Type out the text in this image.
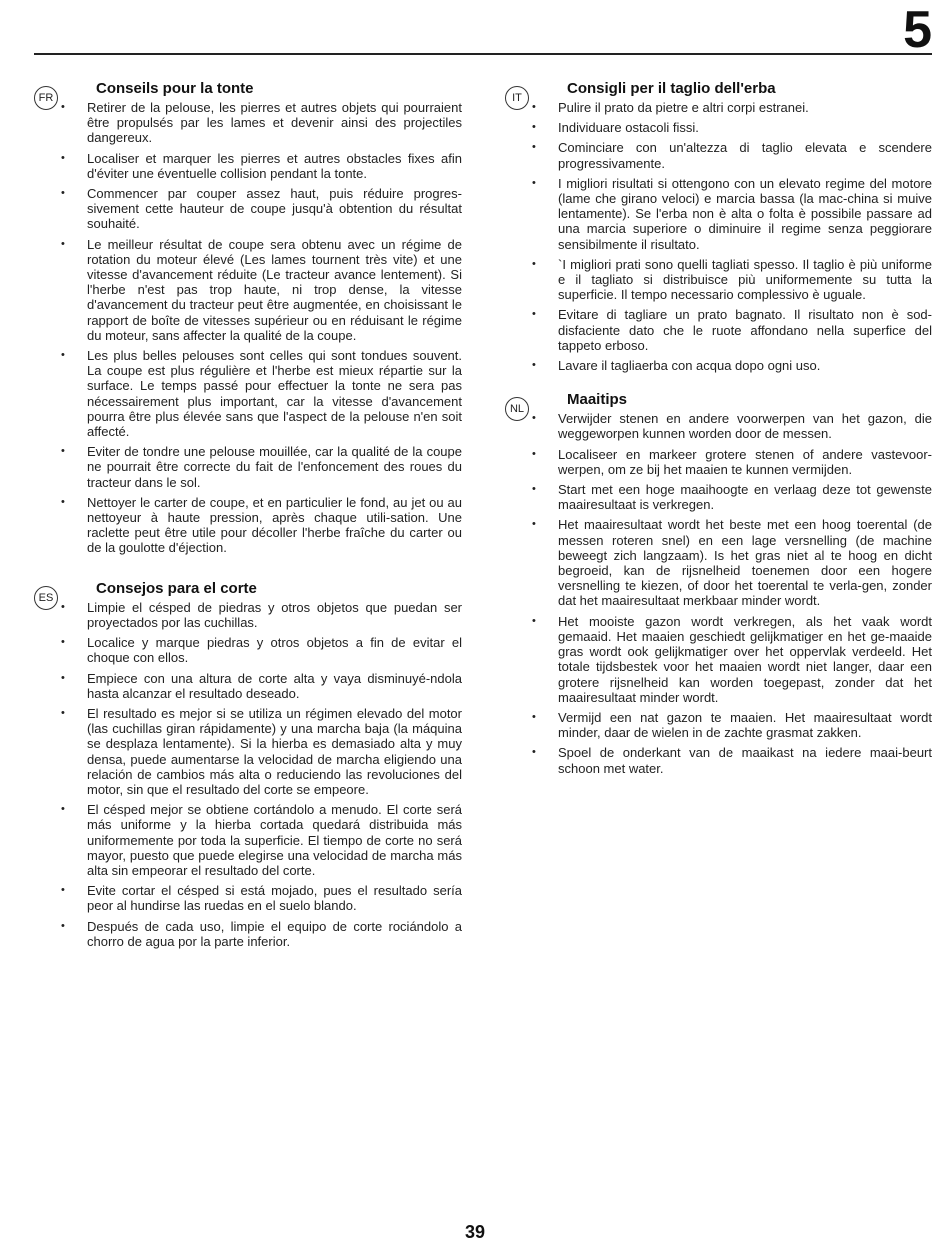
5
FR
Conseils pour la tonte
• Retirer de la pelouse, les pierres et autres objets qui pourraient être propulsés par les lames et devenir ainsi des projectiles dangereux.
• Localiser et marquer les pierres et autres obstacles fixes afin d'éviter une éventuelle collision pendant la tonte.
• Commencer par couper assez haut, puis réduire progres-sivement cette hauteur de coupe jusqu'à obtention du résultat souhaité.
• Le meilleur résultat de coupe sera obtenu avec un régime de rotation du moteur élevé (Les lames tournent très vite) et une vitesse d'avancement réduite (Le tracteur avance lentement). Si l'herbe n'est pas trop haute, ni trop dense, la vitesse d'avancement du tracteur peut être augmentée, en choisissant le rapport de boîte de vitesses supérieur ou en réduisant le régime du moteur, sans affecter la qualité de la coupe.
• Les plus belles pelouses sont celles qui sont tondues souvent. La coupe est plus régulière et l'herbe est mieux répartie sur la surface. Le temps passé pour effectuer la tonte ne sera pas nécessairement plus important, car la vitesse d'avancement pourra être plus élevée sans que l'aspect de la pelouse n'en soit affecté.
• Eviter de tondre une pelouse mouillée, car la qualité de la coupe ne pourrait être correcte du fait de l'enfoncement des roues du tracteur dans le sol.
• Nettoyer le carter de coupe, et en particulier le fond, au jet ou au nettoyeur à haute pression, après chaque utili-sation. Une raclette peut être utile pour décoller l'herbe fraîche du carter ou de la goulotte d'éjection.
ES
Consejos para el corte
• Limpie el césped de piedras y otros objetos que puedan ser proyectados por las cuchillas.
• Localice y marque piedras y otros objetos a fin de evitar el choque con ellos.
• Empiece con una altura de corte alta y vaya disminuyé-ndola hasta alcanzar el resultado deseado.
• El resultado es mejor si se utiliza un régimen elevado del motor (las cuchillas giran rápidamente) y una marcha baja (la máquina se desplaza lentamente). Si la hierba es demasiado alta y muy densa, puede aumentarse la velocidad de marcha eligiendo una relación de cambios más alta o reduciendo las revoluciones del motor, sin que el resultado del corte se empeore.
• El césped mejor se obtiene cortándolo a menudo. El corte será más uniforme y la hierba cortada quedará distribuida más uniformemente por toda la superficie. El tiempo de corte no será mayor, puesto que puede elegirse una velocidad de marcha más alta sin empeorar el resultado del corte.
• Evite cortar el césped si está mojado, pues el resultado sería peor al hundirse las ruedas en el suelo blando.
• Después de cada uso, limpie el equipo de corte rociándolo a chorro de agua por la parte inferior.
IT
Consigli per il taglio dell'erba
• Pulire il prato da pietre e altri corpi estranei.
• Individuare ostacoli fissi.
• Cominciare con un'altezza di taglio elevata e scendere progressivamente.
• I migliori risultati si ottengono con un elevato regime del motore (lame che girano veloci) e marcia bassa (la mac-china si muive lentamente). Se l'erba non è alta o folta è possibile passare ad una marcia superiore o diminuire il regime senza peggiorare sensibilmente il risultato.
• `I migliori prati sono quelli tagliati spesso. Il taglio è più uniforme e il tagliato si distribuisce più uniformemente su tutta la superficie. Il tempo necessario complessivo è uguale.
• Evitare di tagliare un prato bagnato. Il risultato non è sod-disfaciente dato che le ruote affondano nella superfice del tappeto erboso.
• Lavare il tagliaerba con acqua dopo ogni uso.
NL
Maaitips
• Verwijder stenen en andere voorwerpen van het gazon, die weggeworpen kunnen worden door de messen.
• Localiseer en markeer grotere stenen of andere vastevoor-werpen, om ze bij het maaien te kunnen vermijden.
• Start met een hoge maaihoogte en verlaag deze tot gewenste maairesultaat is verkregen.
• Het maairesultaat wordt het beste met een hoog toerental (de messen roteren snel) en een lage versnelling (de machine beweegt zich langzaam). Is het gras niet al te hoog en dicht begroeid, kan de rijsnelheid toenemen door een hogere versnelling te kiezen, of door het toerental te verla-gen, zonder dat het maairesultaat merkbaar minder wordt.
• Het mooiste gazon wordt verkregen, als het vaak wordt gemaaid. Het maaien geschiedt gelijkmatiger en het ge-maaide gras wordt ook gelijkmatiger over het oppervlak verdeeld. Het totale tijdsbestek voor het maaien wordt niet langer, daar een grotere rijsnelheid kan worden toegepast, zonder dat het maairesultaat minder wordt.
• Vermijd een nat gazon te maaien. Het maairesultaat wordt minder, daar de wielen in de zachte grasmat zakken.
• Spoel de onderkant van de maaikast na iedere maai-beurt schoon met water.
39
